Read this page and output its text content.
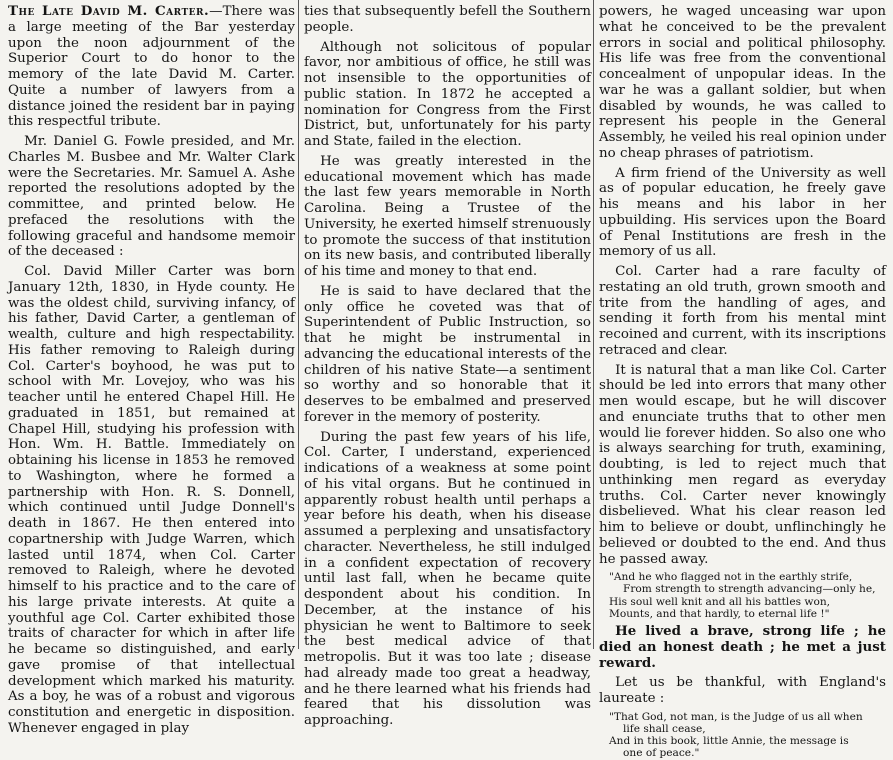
The Late David M. Carter.—There was a large meeting of the Bar yesterday upon the noon adjournment of the Superior Court to do honor to the memory of the late David M. Carter. Quite a number of lawyers from a distance joined the resident bar in paying this respectful tribute.

Mr. Daniel G. Fowle presided, and Mr. Charles M. Busbee and Mr. Walter Clark were the Secretaries. Mr. Samuel A. Ashe reported the resolutions adopted by the committee, and printed below. He prefaced the resolutions with the following graceful and handsome memoir of the deceased :

Col. David Miller Carter was born January 12th, 1830, in Hyde county. He was the oldest child, surviving infancy, of his father, David Carter, a gentleman of wealth, culture and high respectability. His father removing to Raleigh during Col. Carter's boyhood, he was put to school with Mr. Lovejoy, who was his teacher until he entered Chapel Hill. He graduated in 1851, but remained at Chapel Hill, studying his profession with Hon. Wm. H. Battle. Immediately on obtaining his license in 1853 he removed to Washington, where he formed a partnership with Hon. R. S. Donnell, which continued until Judge Donnell's death in 1867. He then entered into copartnership with Judge Warren, which lasted until 1874, when Col. Carter removed to Raleigh, where he devoted himself to his practice and to the care of his large private interests. At quite a youthful age Col. Carter exhibited those traits of character for which in after life he became so distinguished, and early gave promise of that intellectual development which marked his maturity. As a boy, he was of a robust and vigorous constitution and energetic in disposition. Whenever engaged in play

ties that subsequently befell the Southern people.

Although not solicitous of popular favor, nor ambitious of office, he still was not insensible to the opportunities of public station. In 1872 he accepted a nomination for Congress from the First District, but, unfortunately for his party and State, failed in the election.

He was greatly interested in the educational movement which has made the last few years memorable in North Carolina. Being a Trustee of the University, he exerted himself strenuously to promote the success of that institution on its new basis, and contributed liberally of his time and money to that end.

He is said to have declared that the only office he coveted was that of Superintendent of Public Instruction, so that he might be instrumental in advancing the educational interests of the children of his native State—a sentiment so worthy and so honorable that it deserves to be embalmed and preserved forever in the memory of posterity.

During the past few years of his life, Col. Carter, I understand, experienced indications of a weakness at some point of his vital organs. But he continued in apparently robust health until perhaps a year before his death, when his disease assumed a perplexing and unsatisfactory character. Nevertheless, he still indulged in a confident expectation of recovery until last fall, when he became quite despondent about his condition. In December, at the instance of his physician he went to Baltimore to seek the best medical advice of that metropolis. But it was too late ; disease had already made too great a headway, and he there learned what his friends had feared that his dissolution was approaching.

powers, he waged unceasing war upon what he conceived to be the prevalent errors in social and political philosophy. His life was free from the conventional concealment of unpopular ideas. In the war he was a gallant soldier, but when disabled by wounds, he was called to represent his people in the General Assembly, he veiled his real opinion under no cheap phrases of patriotism.

A firm friend of the University as well as of popular education, he freely gave his means and his labor in her upbuilding. His services upon the Board of Penal Institutions are fresh in the memory of us all.

Col. Carter had a rare faculty of restating an old truth, grown smooth and trite from the handling of ages, and sending it forth from his mental mint recoined and current, with its inscriptions retraced and clear.

It is natural that a man like Col. Carter should be led into errors that many other men would escape, but he will discover and enunciate truths that to other men would lie forever hidden. So also one who is always searching for truth, examining, doubting, is led to reject much that unthinking men regard as everyday truths. Col. Carter never knowingly disbelieved. What his clear reason led him to believe or doubt, unflinchingly he believed or doubted to the end. And thus he passed away.

"And he who flagged not in the earthly strife,
From strength to strength advancing—only he,
His soul well knit and all his battles won,
Mounts, and that hardly, to eternal life !"

He lived a brave, strong life ; he died an honest death ; he met a just reward.

Let us be thankful, with England's laureate :

"That God, not man, is the Judge of us all when
life shall cease,
And in this book, little Annie, the message is
one of peace."
